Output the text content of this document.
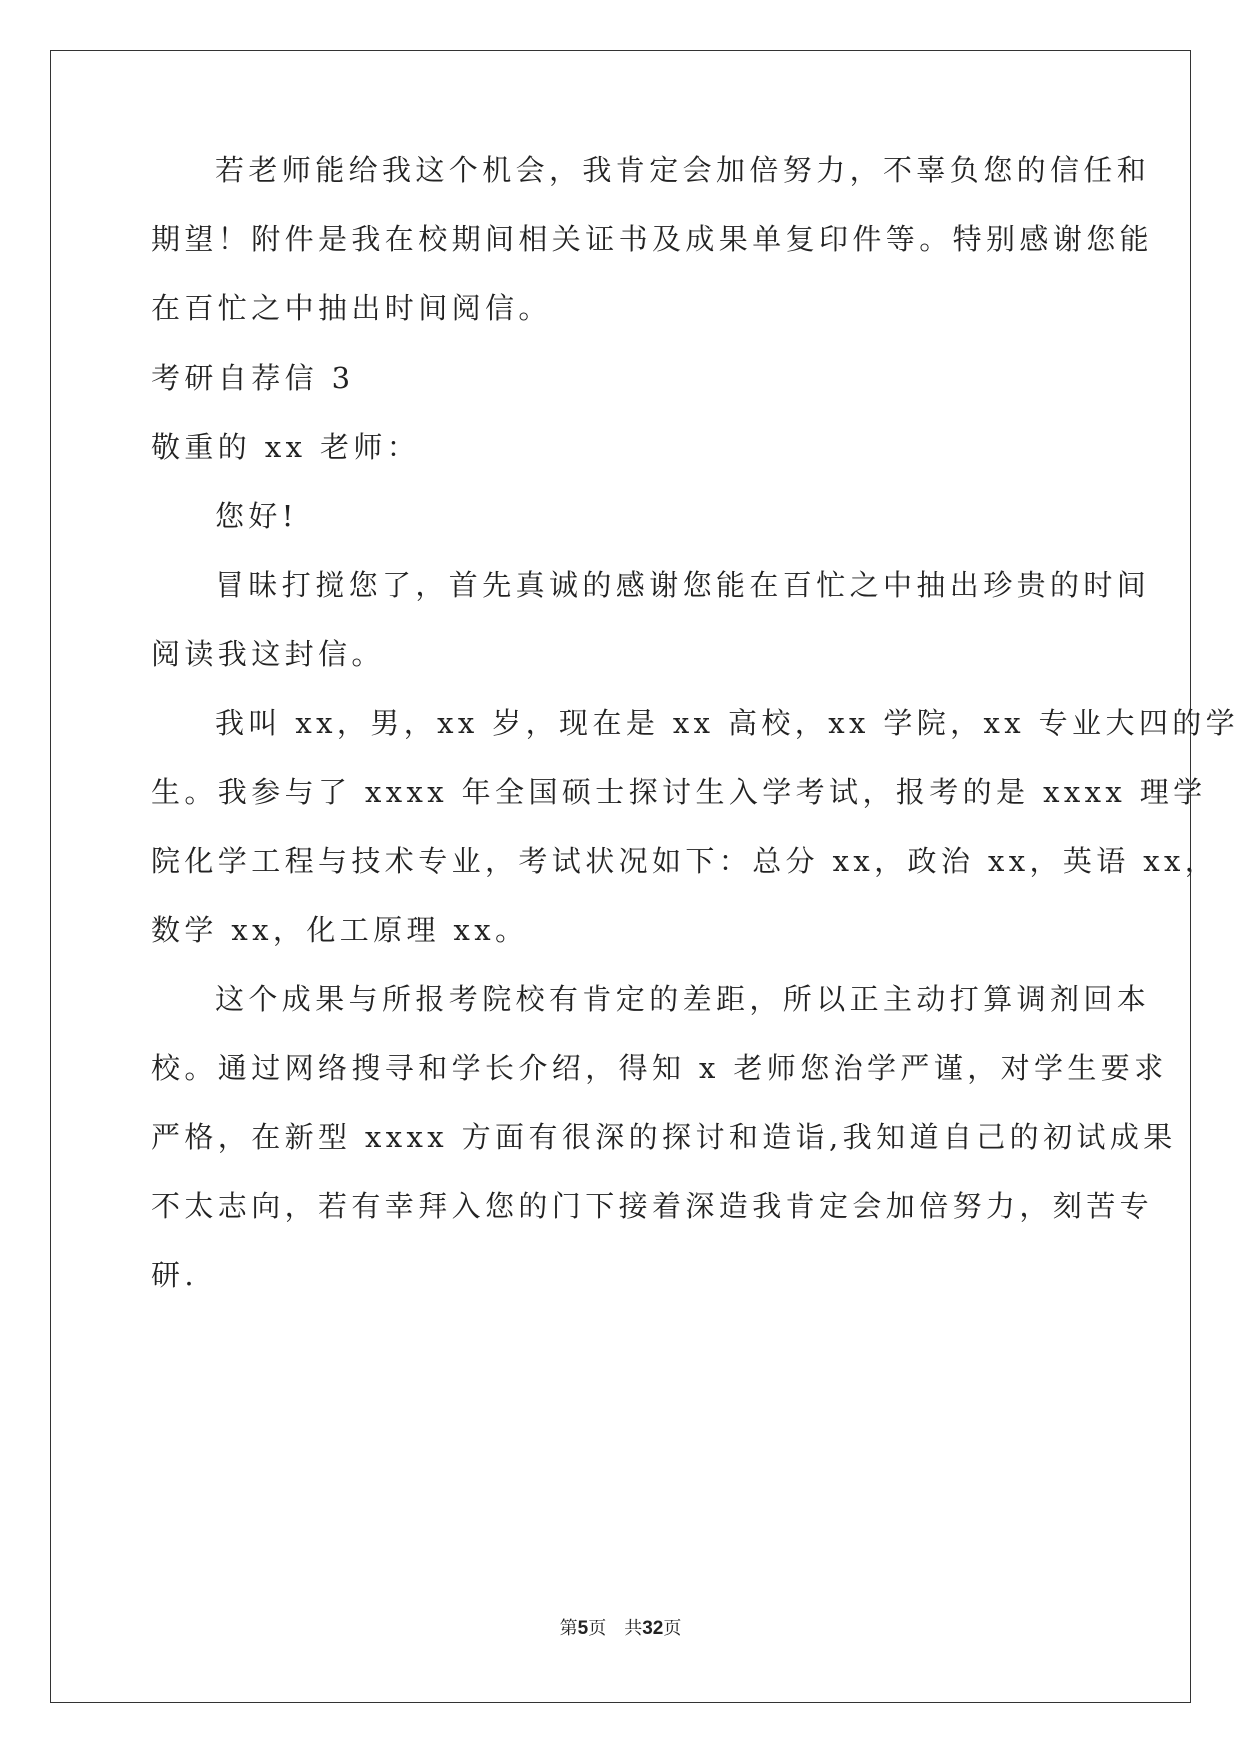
若老师能给我这个机会，我肯定会加倍努力，不辜负您的信任和
期望！附件是我在校期间相关证书及成果单复印件等。特别感谢您能
在百忙之中抽出时间阅信。
考研自荐信 3
敬重的 xx 老师：
您好!
冒昧打搅您了，首先真诚的感谢您能在百忙之中抽出珍贵的时间
阅读我这封信。
我叫 xx，男，xx 岁，现在是 xx 高校，xx 学院，xx 专业大四的学
生。我参与了 xxxx 年全国硕士探讨生入学考试，报考的是 xxxx 理学
院化学工程与技术专业，考试状况如下：总分 xx，政治 xx，英语 xx，
数学 xx，化工原理 xx。
这个成果与所报考院校有肯定的差距，所以正主动打算调剂回本
校。通过网络搜寻和学长介绍，得知 x 老师您治学严谨，对学生要求
严格，在新型 xxxx 方面有很深的探讨和造诣,我知道自己的初试成果
不太志向，若有幸拜入您的门下接着深造我肯定会加倍努力，刻苦专
研.
第5页　共32页
